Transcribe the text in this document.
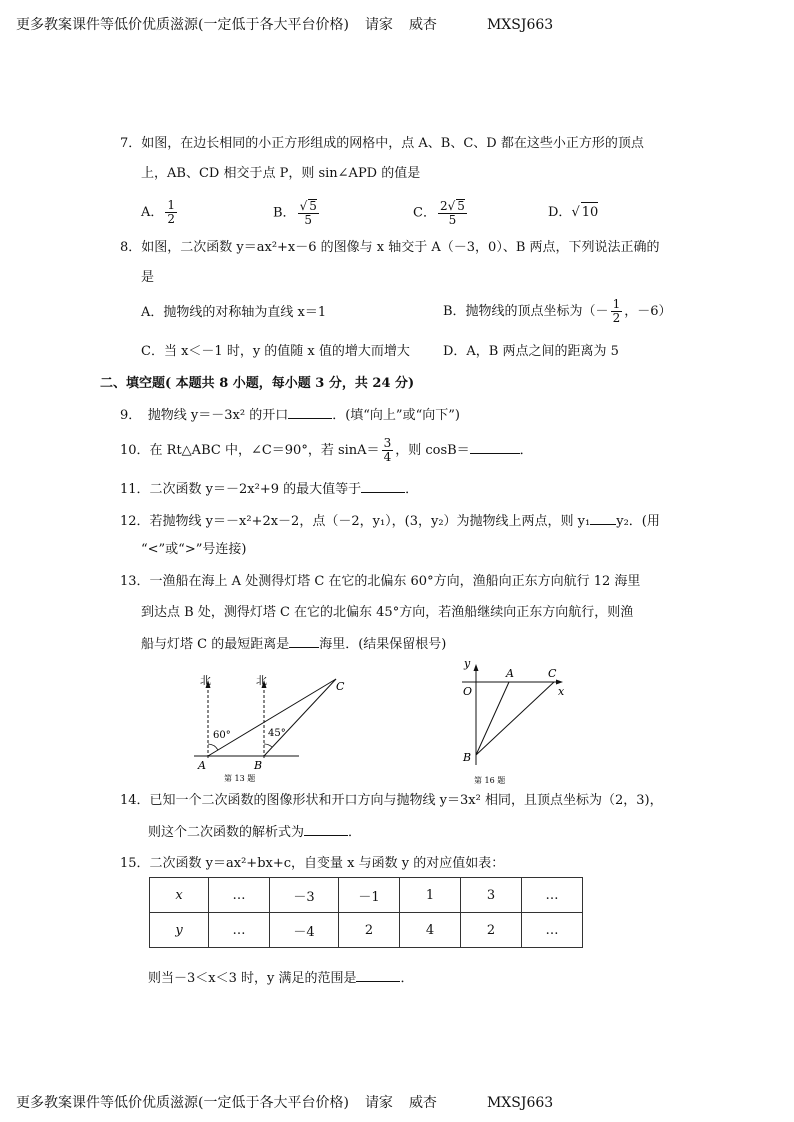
更多教案课件等低价优质滋源(一定低于各大平台价格) 请家 威杏	MXSJ663
7．如图，在边长相同的小正方形组成的网格中，点 A、B、C、D 都在这些小正方形的顶点
上，AB、CD 相交于点 P，则 sin∠APD 的值是
A． $\frac{1}{2}$	B． $\frac{√ 5}{5}$	C． $\frac{2√ 5}{5}$	D．√ 10
8．如图，二次函数 y＝ax²+x－6 的图像与 x 轴交于 A（－3，0）、B 两点，下列说法正确的
是
A．抛物线的对称轴为直线 x＝1	B．抛物线的顶点坐标为（－ $\frac{1}{2}$ ，－6）
C．当 x＜－1 时，y 的值随 x 值的增大而增大	D．A，B 两点之间的距离为 5
二、填空题( 本题共 8 小题，每小题 3 分，共 24 分)
9．　抛物线 y＝－3x² 的开口	．(填“向上”或“向下”)
10．在 Rt△ABC 中，∠C＝90°，若 $\sin A= \frac{3}{4}$ ，则 cosB＝	．
11．二次函数 y＝－2x²+9 的最大值等于	．
12．若抛物线 y＝－x²+2x－2，点（－2，y₁），(3，y₂）为抛物线上两点，则 y₁ y₂．(用
“<”或“>”号连接)
13．一渔船在海上 A 处测得灯塔 C 在它的北偏东 60°方向，渔船向正东方向航行 12 海里
到达点 B 处，测得灯塔 C 在它的北偏东 45°方向，若渔船继续向正东方向航行，则渔
船与灯塔 C 的最短距离是 海里．(结果保留根号)
北	北
60°	45°
A	B
C
第 13 题
y
x
O
A	C
B
第 16 题
14．已知一个二次函数的图像形状和开口方向与抛物线 y＝3x² 相同，且顶点坐标为（2，3)，
则这个二次函数的解析式为	．
15．二次函数 y＝ax²+bx+c，自变量 x 与函数 y 的对应值如表：
x	…	－3	－1	1	3	…
y	…	－4	2	4	2	…
则当－3＜x＜3 时，y 满足的范围是	．
更多教案课件等低价优质滋源(一定低于各大平台价格) 请家 威杏	MXSJ663
